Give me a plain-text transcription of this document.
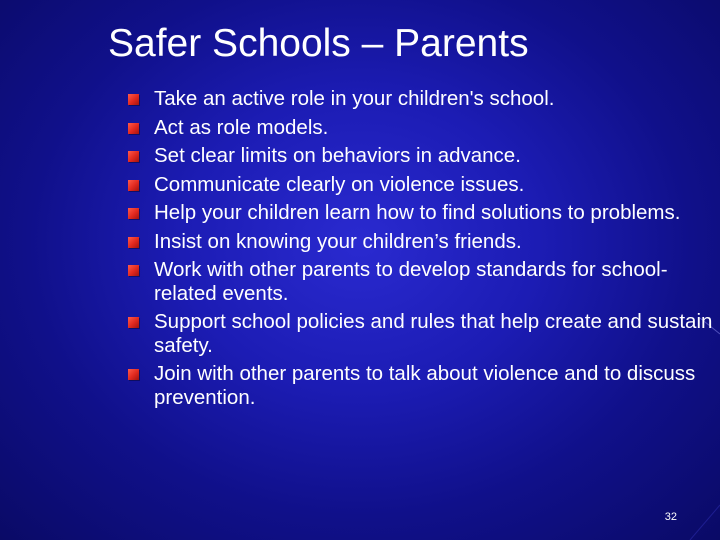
Safer Schools – Parents
Take an active role in your children's school.
Act as role models.
Set clear limits on behaviors in advance.
Communicate clearly on violence issues.
Help your children learn how to find solutions to problems.
Insist on knowing your children’s friends.
Work with other parents to develop standards for school-related events.
Support school policies and rules that help create and sustain safety.
Join with other parents to talk about violence and to discuss prevention.
32
